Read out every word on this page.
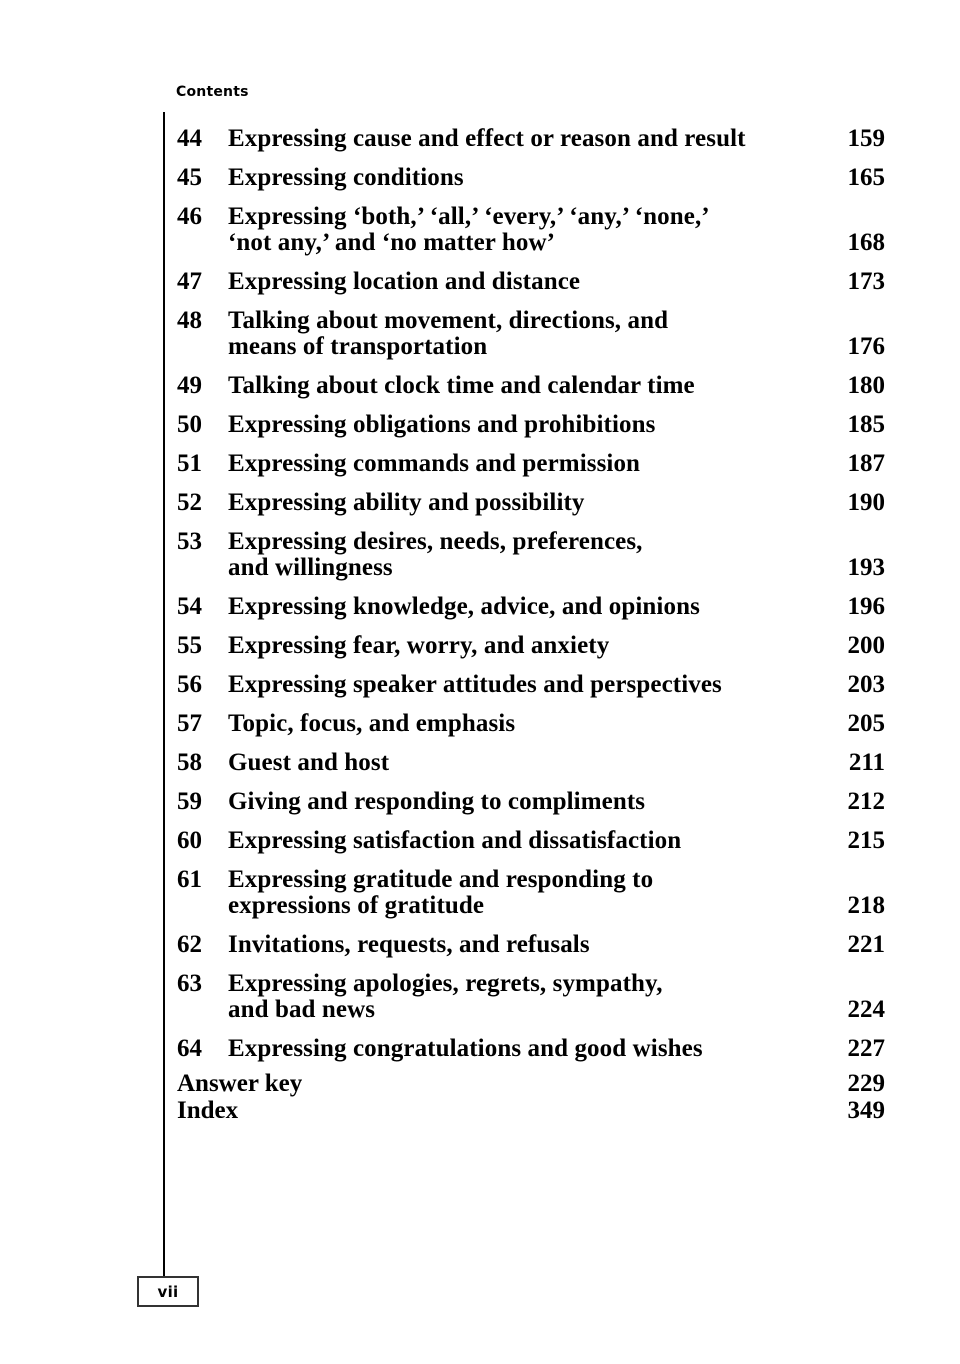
Contents
44	Expressing cause and effect or reason and result	159
45	Expressing conditions	165
46	Expressing ‘both,’ ‘all,’ ‘every,’ ‘any,’ ‘none,’
‘not any,’ and ‘no matter how’	168
47	Expressing location and distance	173
48	Talking about movement, directions, and
means of transportation	176
49	Talking about clock time and calendar time	180
50	Expressing obligations and prohibitions	185
51	Expressing commands and permission	187
52	Expressing ability and possibility	190
53	Expressing desires, needs, preferences,
and willingness	193
54	Expressing knowledge, advice, and opinions	196
55	Expressing fear, worry, and anxiety	200
56	Expressing speaker attitudes and perspectives	203
57	Topic, focus, and emphasis	205
58	Guest and host	211
59	Giving and responding to compliments	212
60	Expressing satisfaction and dissatisfaction	215
61	Expressing gratitude and responding to
expressions of gratitude	218
62	Invitations, requests, and refusals	221
63	Expressing apologies, regrets, sympathy,
and bad news	224
64	Expressing congratulations and good wishes	227
Answer key	229
Index	349
vii
